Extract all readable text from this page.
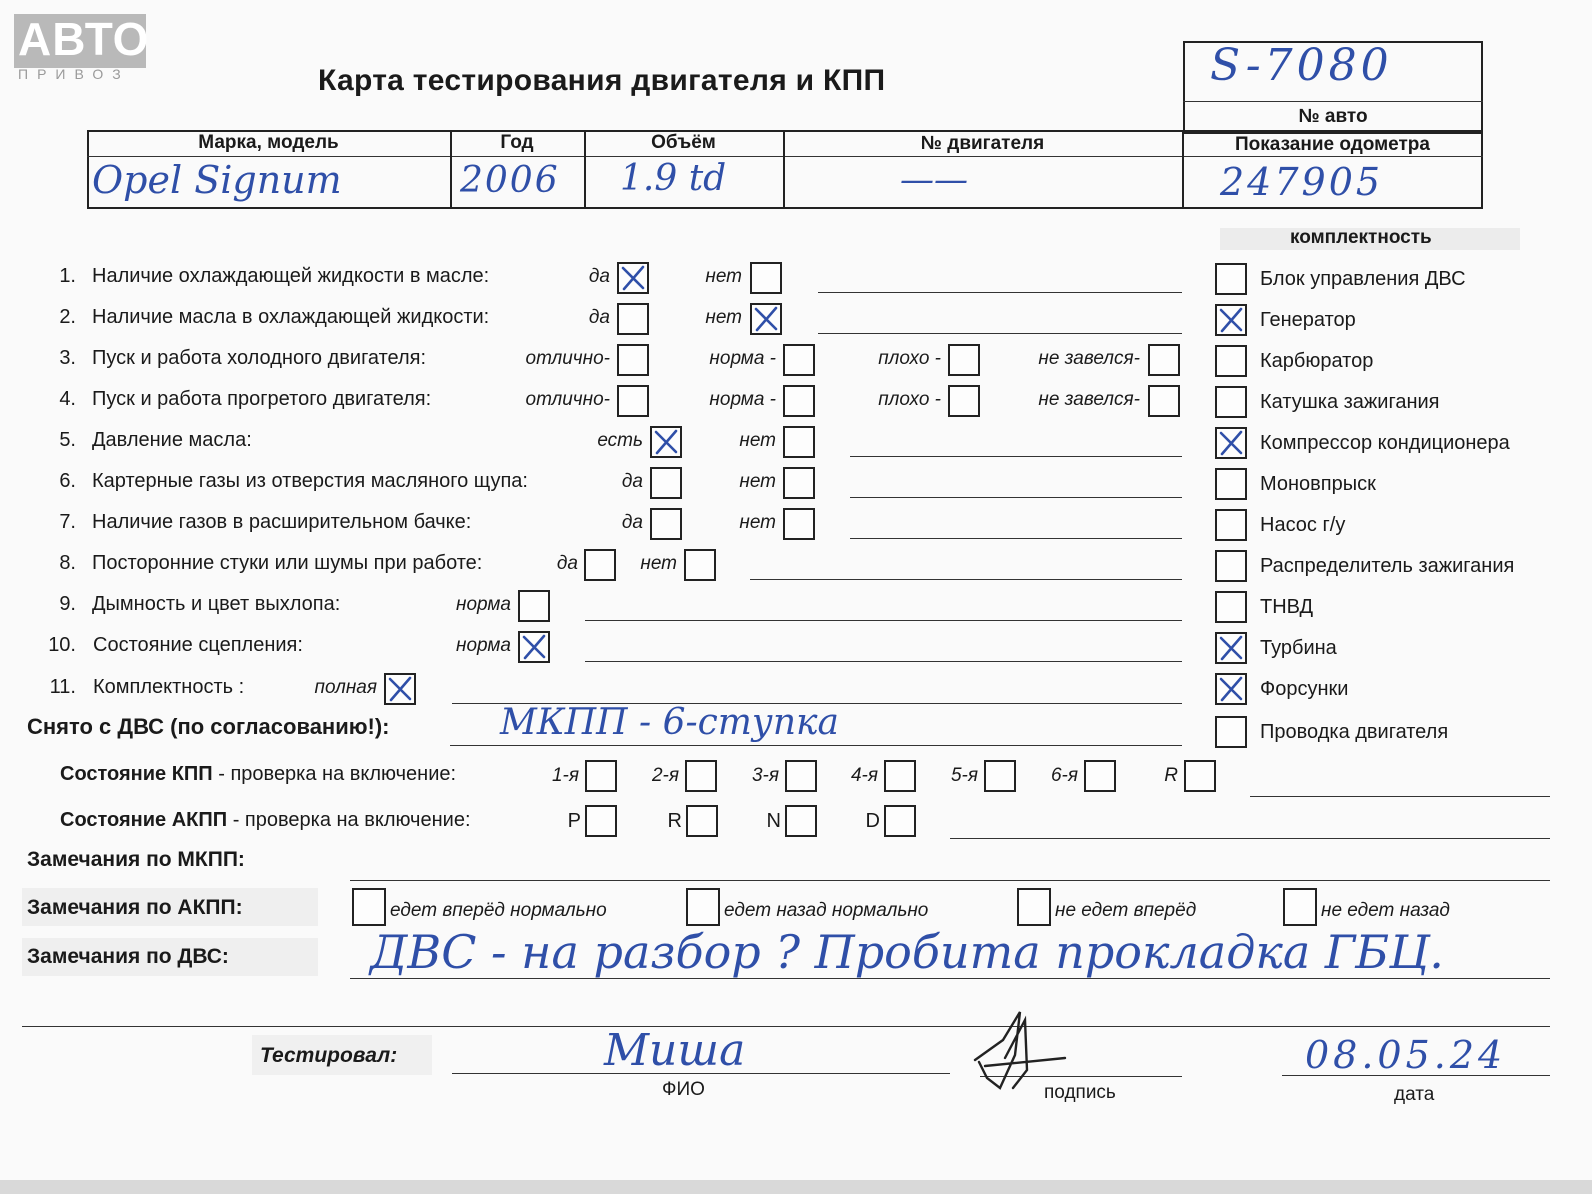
АВТО
ПРИВОЗ	Карта тестирования двигателя и КПП	S-7080
№ авто
Марка, модель	Год	Объём	№ двигателя	Показание одометра
Opel Signum	2006 1.9 td	——	247905
1. Наличие охлаждающей жидкости в масле:	да	нет
2. Наличие масла в охлаждающей жидкости:	да	нет
3. Пуск и работа холодного двигателя:	отлично-	норма -	плохо -	не завелся-
4. Пуск и работа прогретого двигателя:	отлично-	норма -	плохо -	не завелся-
5. Давление масла:	есть	нет
6. Картерные газы из отверстия масляного щупа:	да	нет
7. Наличие газов в расширительном бачке:	да	нет
8. Посторонние стуки или шумы при работе:	да	нет
9. Дымность и цвет выхлопа:	норма
10. Состояние сцепления:	норма
11. Комплектность :	полная
комплектность
Блок управления ДВС
Генератор
Карбюратор
Катушка зажигания
Компрессор кондиционера
Моновпрыск
Насос г/у
Распределитель зажигания
ТНВД
Турбина
Форсунки
Проводка двигателя
Снято с ДВС (по согласованию!):	МКПП - 6-ступка
Состояние КПП - проверка на включение:	1-я	2-я	3-я	4-я	5-я	6-я	R
Состояние АКПП - проверка на включение:	P	R	N	D
Замечания по МКПП:
Замечания по АКПП:	едет вперёд нормально	едет назад нормально	не едет вперёд	не едет назад
Замечания по ДВС:	ДВС - на разбор ? Пробита прокладка ГБЦ.
Тестировал:	Миша
ФИО	подпись
08.05.24
дата
